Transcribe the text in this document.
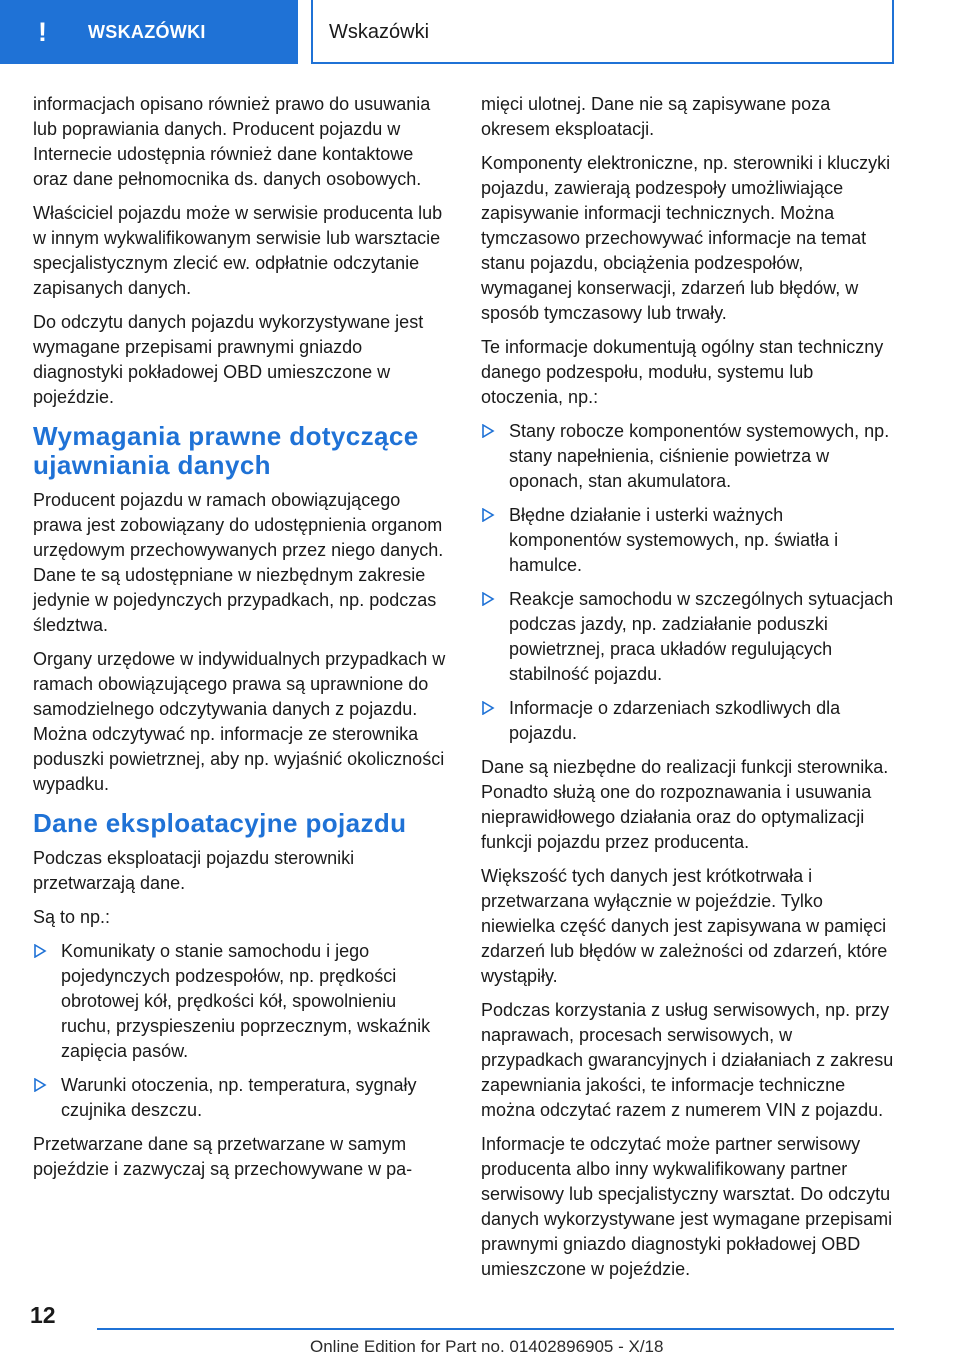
!	WSKAZÓWKI	Wskazówki

informacjach opisano również prawo do usuwania lub poprawiania danych. Producent pojazdu w Internecie udostępnia również dane kontaktowe oraz dane pełnomocnika ds. danych osobowych.

Właściciel pojazdu może w serwisie producenta lub w innym wykwalifikowanym serwisie lub warsztacie specjalistycznym zlecić ew. odpłatnie odczytanie zapisanych danych.

Do odczytu danych pojazdu wykorzystywane jest wymagane przepisami prawnymi gniazdo diagnostyki pokładowej OBD umieszczone w pojeździe.

Wymagania prawne dotyczące ujawniania danych

Producent pojazdu w ramach obowiązującego prawa jest zobowiązany do udostępnienia organom urzędowym przechowywanych przez niego danych. Dane te są udostępniane w niezbędnym zakresie jedynie w pojedynczych przypadkach, np. podczas śledztwa.

Organy urzędowe w indywidualnych przypadkach w ramach obowiązującego prawa są uprawnione do samodzielnego odczytywania danych z pojazdu. Można odczytywać np. informacje ze sterownika poduszki powietrznej, aby np. wyjaśnić okoliczności wypadku.

Dane eksploatacyjne pojazdu

Podczas eksploatacji pojazdu sterowniki przetwarzają dane.

Są to np.:

Komunikaty o stanie samochodu i jego pojedynczych podzespołów, np. prędkości obrotowej kół, prędkości kół, spowolnieniu ruchu, przyspieszeniu poprzecznym, wskaźnik zapięcia pasów.
Warunki otoczenia, np. temperatura, sygnały czujnika deszczu.

Przetwarzane dane są przetwarzane w samym pojeździe i zazwyczaj są przechowywane w pa-

mięci ulotnej. Dane nie są zapisywane poza okresem eksploatacji.

Komponenty elektroniczne, np. sterowniki i kluczyki pojazdu, zawierają podzespoły umożliwiające zapisywanie informacji technicznych. Można tymczasowo przechowywać informacje na temat stanu pojazdu, obciążenia podzespołów, wymaganej konserwacji, zdarzeń lub błędów, w sposób tymczasowy lub trwały.

Te informacje dokumentują ogólny stan techniczny danego podzespołu, modułu, systemu lub otoczenia, np.:

Stany robocze komponentów systemowych, np. stany napełnienia, ciśnienie powietrza w oponach, stan akumulatora.
Błędne działanie i usterki ważnych komponentów systemowych, np. światła i hamulce.
Reakcje samochodu w szczególnych sytuacjach podczas jazdy, np. zadziałanie poduszki powietrznej, praca układów regulujących stabilność pojazdu.
Informacje o zdarzeniach szkodliwych dla pojazdu.

Dane są niezbędne do realizacji funkcji sterownika. Ponadto służą one do rozpoznawania i usuwania nieprawidłowego działania oraz do optymalizacji funkcji pojazdu przez producenta.

Większość tych danych jest krótkotrwała i przetwarzana wyłącznie w pojeździe. Tylko niewielka część danych jest zapisywana w pamięci zdarzeń lub błędów w zależności od zdarzeń, które wystąpiły.

Podczas korzystania z usług serwisowych, np. przy naprawach, procesach serwisowych, w przypadkach gwarancyjnych i działaniach z zakresu zapewniania jakości, te informacje techniczne można odczytać razem z numerem VIN z pojazdu.

Informacje te odczytać może partner serwisowy producenta albo inny wykwalifikowany partner serwisowy lub specjalistyczny warsztat. Do odczytu danych wykorzystywane jest wymagane przepisami prawnymi gniazdo diagnostyki pokładowej OBD umieszczone w pojeździe.

12
Online Edition for Part no. 01402896905 - X/18
